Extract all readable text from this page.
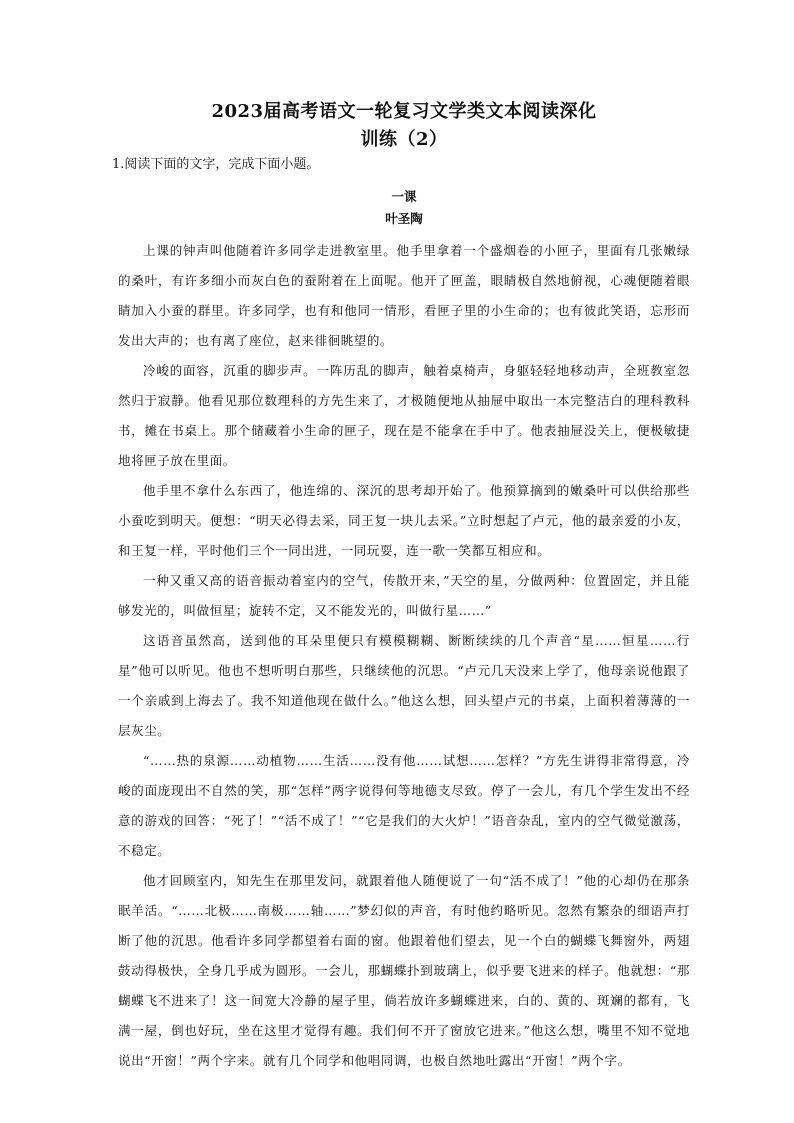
2023届高考语文一轮复习文学类文本阅读深化
训练（2）

1.阅读下面的文字，完成下面小题。

一课

叶圣陶

上课的钟声叫他随着许多同学走进教室里。他手里拿着一个盛烟卷的小匣子，里面有几张嫩绿的桑叶，有许多细小而灰白色的蚕附着在上面呢。他开了匣盖，眼睛极自然地俯视，心魂便随着眼睛加入小蚕的群里。许多同学，也有和他同一情形，看匣子里的小生命的；也有彼此笑语，忘形而发出大声的；也有离了座位，赵来徘徊眺望的。

冷峻的面容，沉重的脚步声。一阵历乱的脚声，触着桌椅声，身躯轻轻地移动声，全班教室忽然归于寂静。他看见那位数理科的方先生来了，才极随便地从抽屉中取出一本完整洁白的理科教科书，摊在书桌上。那个储藏着小生命的匣子，现在是不能拿在手中了。他表抽屉没关上，便极敏捷地将匣子放在里面。

他手里不拿什么东西了，他连绵的、深沉的思考却开始了。他预算摘到的嫩桑叶可以供给那些小蚕吃到明天。便想：“明天必得去采，同王复一块儿去采。”立时想起了卢元，他的最亲爱的小友，和王复一样，平时他们三个一同出进，一同玩耍，连一歌一笑都互相应和。

一种又重又高的语音振动着室内的空气，传散开来，”天空的星，分做两种：位置固定，并且能够发光的，叫做恒星；旋转不定，又不能发光的，叫做行星……”

这语音虽然高，送到他的耳朵里便只有模模糊糊、断断续续的几个声音“星……恒星……行星”他可以听见。他也不想听明白那些，只继续他的沉思。“卢元几天没来上学了，他母亲说他跟了一个亲戚到上海去了。我不知道他现在做什么。”他这么想，回头望卢元的书桌，上面积着薄薄的一层灰尘。

“……热的泉源……动植物……生活……没有他……试想……怎样？”方先生讲得非常得意，冷峻的面庞现出不自然的笑，那“怎样”两字说得何等地德支尽致。停了一会儿，有几个学生发出不经意的游戏的回答：“死了！”“活不成了！”“它是我们的大火炉！”语音杂乱，室内的空气微觉激荡，不稳定。

他才回顾室内，知先生在那里发问，就跟着他人随便说了一句“活不成了！”他的心却仍在那条眠羊活。“……北极……南极……轴……”梦幻似的声音，有时他约略听见。忽然有繁杂的细语声打断了他的沉思。他看许多同学都望着右面的窗。他跟着他们望去，见一个白的蝴蝶飞舞窗外，两翅鼓动得极快，全身几乎成为圆形。一会儿，那蝴蝶扑到玻璃上，似乎要飞进来的样子。他就想：“那蝴蝶飞不进来了！这一间宽大冷静的屋子里，倘若放许多蝴蝶进来，白的、黄的、斑斓的都有，飞满一屋，倒也好玩，坐在这里才觉得有趣。我们何不开了窗放它进来。”他这么想，嘴里不知不觉地说出“开窗！”两个字来。就有几个同学和他唱同调，也极自然地吐露出“开窗！”两个字。
